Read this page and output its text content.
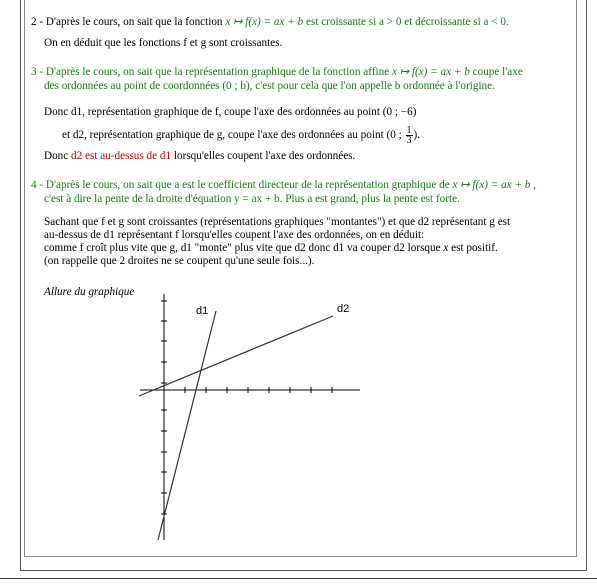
2 - D'après le cours, on sait que la fonction x ↦ f(x) = ax + b est croissante si a > 0 et décroissante si a < 0.
On en déduit que les fonctions f et g sont croissantes.
3 - D'après le cours, on sait que la représentation graphique de la fonction affine x ↦ f(x) = ax + b coupe l'axe
des ordonnées au point de coordonnées (0 ; b), c'est pour cela que l'on appelle b ordonnée à l'origine.
Donc d1, représentation graphique de f, coupe l'axe des ordonnées au point (0 ; −6)
et d2, représentation graphique de g, coupe l'axe des ordonnées au point (0 ; $\frac{1}{3}$ ).
Donc d2 est au-dessus de d1 lorsqu'elles coupent l'axe des ordonnées.
4 - D'après le cours, on sait que a est le coefficient directeur de la représentation graphique de x ↦ f(x) = ax + b ,
c'est à dire la pente de la droite d'équation y = ax + b. Plus a est grand, plus la pente est forte.
Sachant que f et g sont croissantes (représentations graphiques "montantes") et que d2 représentant g est
au-dessus de d1 représentant f lorsqu'elles coupent l'axe des ordonnées, on en déduit:
comme f croît plus vite que g, d1 "monte" plus vite que d2 donc d1 va couper d2 lorsque x est positif.
(on rappelle que 2 droites ne se coupent qu'une seule fois...).
Allure du graphique
d1	d2
